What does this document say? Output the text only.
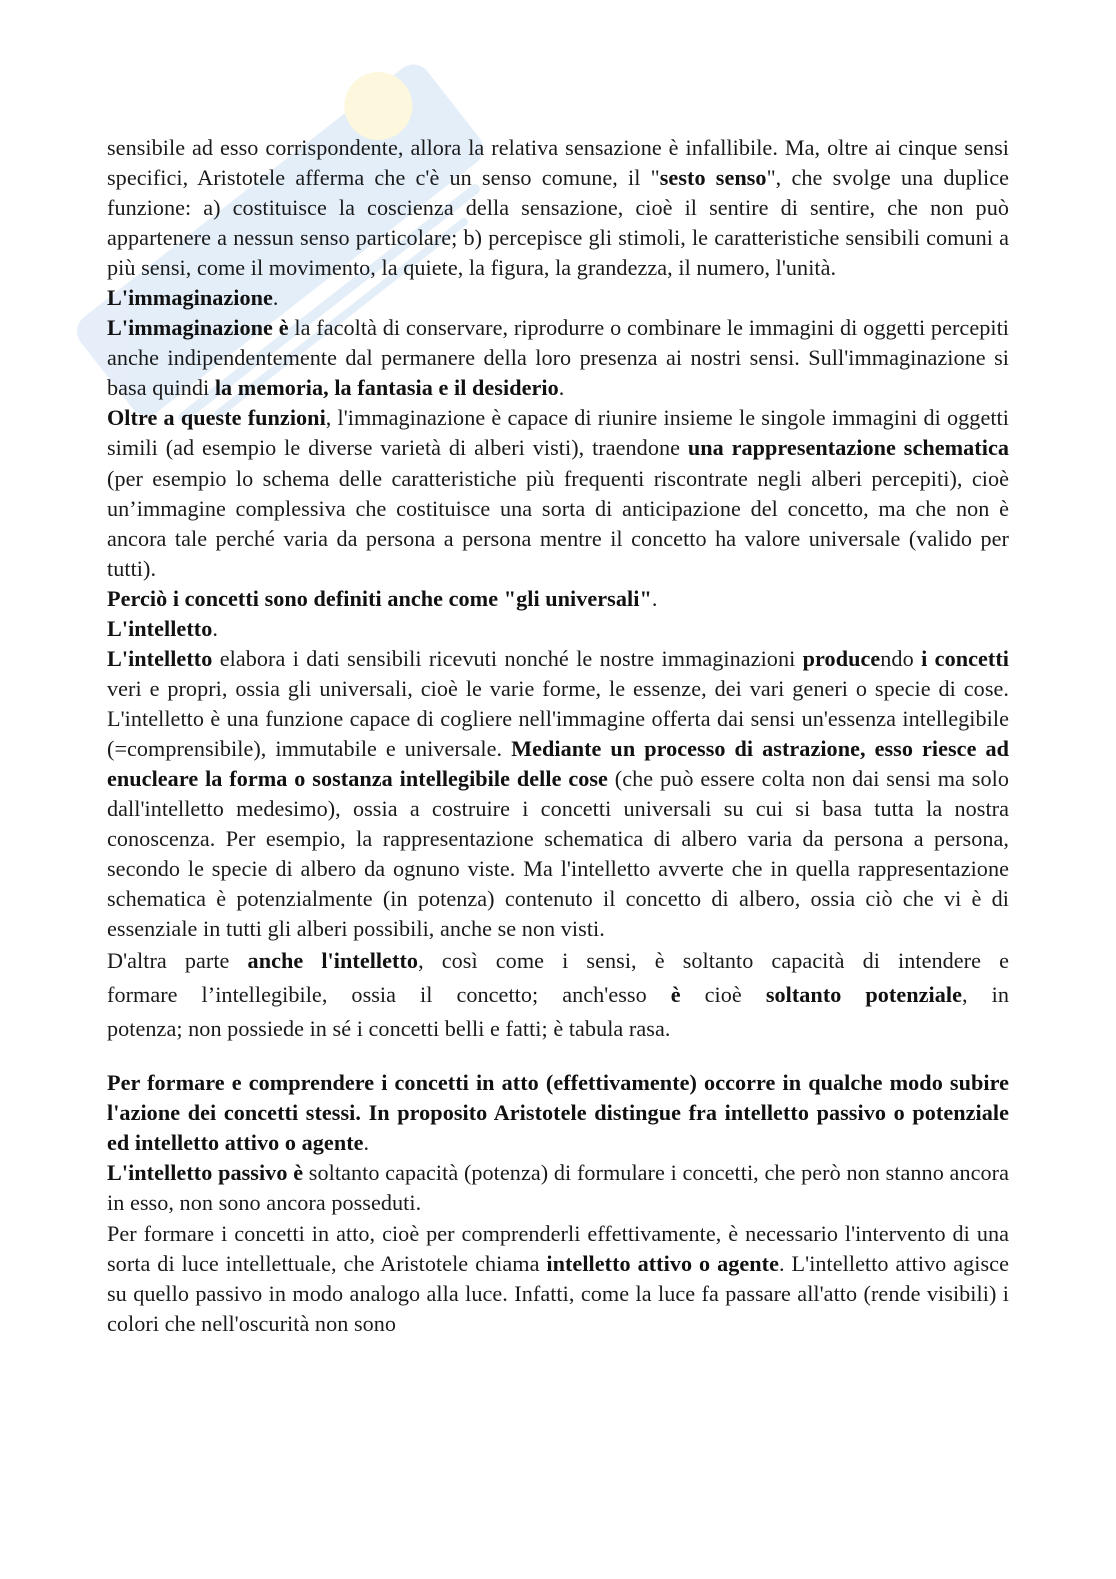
sensibile ad esso corrispondente, allora la relativa sensazione è infallibile. Ma, oltre ai cinque sensi specifici, Aristotele afferma che c'è un senso comune, il "sesto senso", che svolge una duplice funzione: a) costituisce la coscienza della sensazione, cioè il sentire di sentire, che non può appartenere a nessun senso particolare; b) percepisce gli stimoli, le caratteristiche sensibili comuni a più sensi, come il movimento, la quiete, la figura, la grandezza, il numero, l'unità.

L'immaginazione.

L'immaginazione è la facoltà di conservare, riprodurre o combinare le immagini di oggetti percepiti anche indipendentemente dal permanere della loro presenza ai nostri sensi. Sull'immaginazione si basa quindi la memoria, la fantasia e il desiderio.

Oltre a queste funzioni, l'immaginazione è capace di riunire insieme le singole immagini di oggetti simili (ad esempio le diverse varietà di alberi visti), traendone una rappresentazione schematica (per esempio lo schema delle caratteristiche più frequenti riscontrate negli alberi percepiti), cioè un’immagine complessiva che costituisce una sorta di anticipazione del concetto, ma che non è ancora tale perché varia da persona a persona mentre il concetto ha valore universale (valido per tutti).

Perciò i concetti sono definiti anche come "gli universali".

L'intelletto.

L'intelletto elabora i dati sensibili ricevuti nonché le nostre immaginazioni producendo i concetti veri e propri, ossia gli universali, cioè le varie forme, le essenze, dei vari generi o specie di cose. L'intelletto è una funzione capace di cogliere nell'immagine offerta dai sensi un'essenza intellegibile (=comprensibile), immutabile e universale. Mediante un processo di astrazione, esso riesce ad enucleare la forma o sostanza intellegibile delle cose (che può essere colta non dai sensi ma solo dall'intelletto medesimo), ossia a costruire i concetti universali su cui si basa tutta la nostra conoscenza. Per esempio, la rappresentazione schematica di albero varia da persona a persona, secondo le specie di albero da ognuno viste. Ma l'intelletto avverte che in quella rappresentazione schematica è potenzialmente (in potenza) contenuto il concetto di albero, ossia ciò che vi è di essenziale in tutti gli alberi possibili, anche se non visti.

D'altra parte anche l'intelletto, così come i sensi, è soltanto capacità di intendere e

formare l’intellegibile, ossia il concetto; anch'esso è cioè soltanto potenziale, in

potenza; non possiede in sé i concetti belli e fatti; è tabula rasa.

Per formare e comprendere i concetti in atto (effettivamente) occorre in qualche modo subire l'azione dei concetti stessi. In proposito Aristotele distingue fra intelletto passivo o potenziale ed intelletto attivo o agente.

L'intelletto passivo è soltanto capacità (potenza) di formulare i concetti, che però non stanno ancora in esso, non sono ancora posseduti.

Per formare i concetti in atto, cioè per comprenderli effettivamente, è necessario l'intervento di una sorta di luce intellettuale, che Aristotele chiama intelletto attivo o agente. L'intelletto attivo agisce su quello passivo in modo analogo alla luce. Infatti, come la luce fa passare all'atto (rende visibili) i colori che nell'oscurità non sono
